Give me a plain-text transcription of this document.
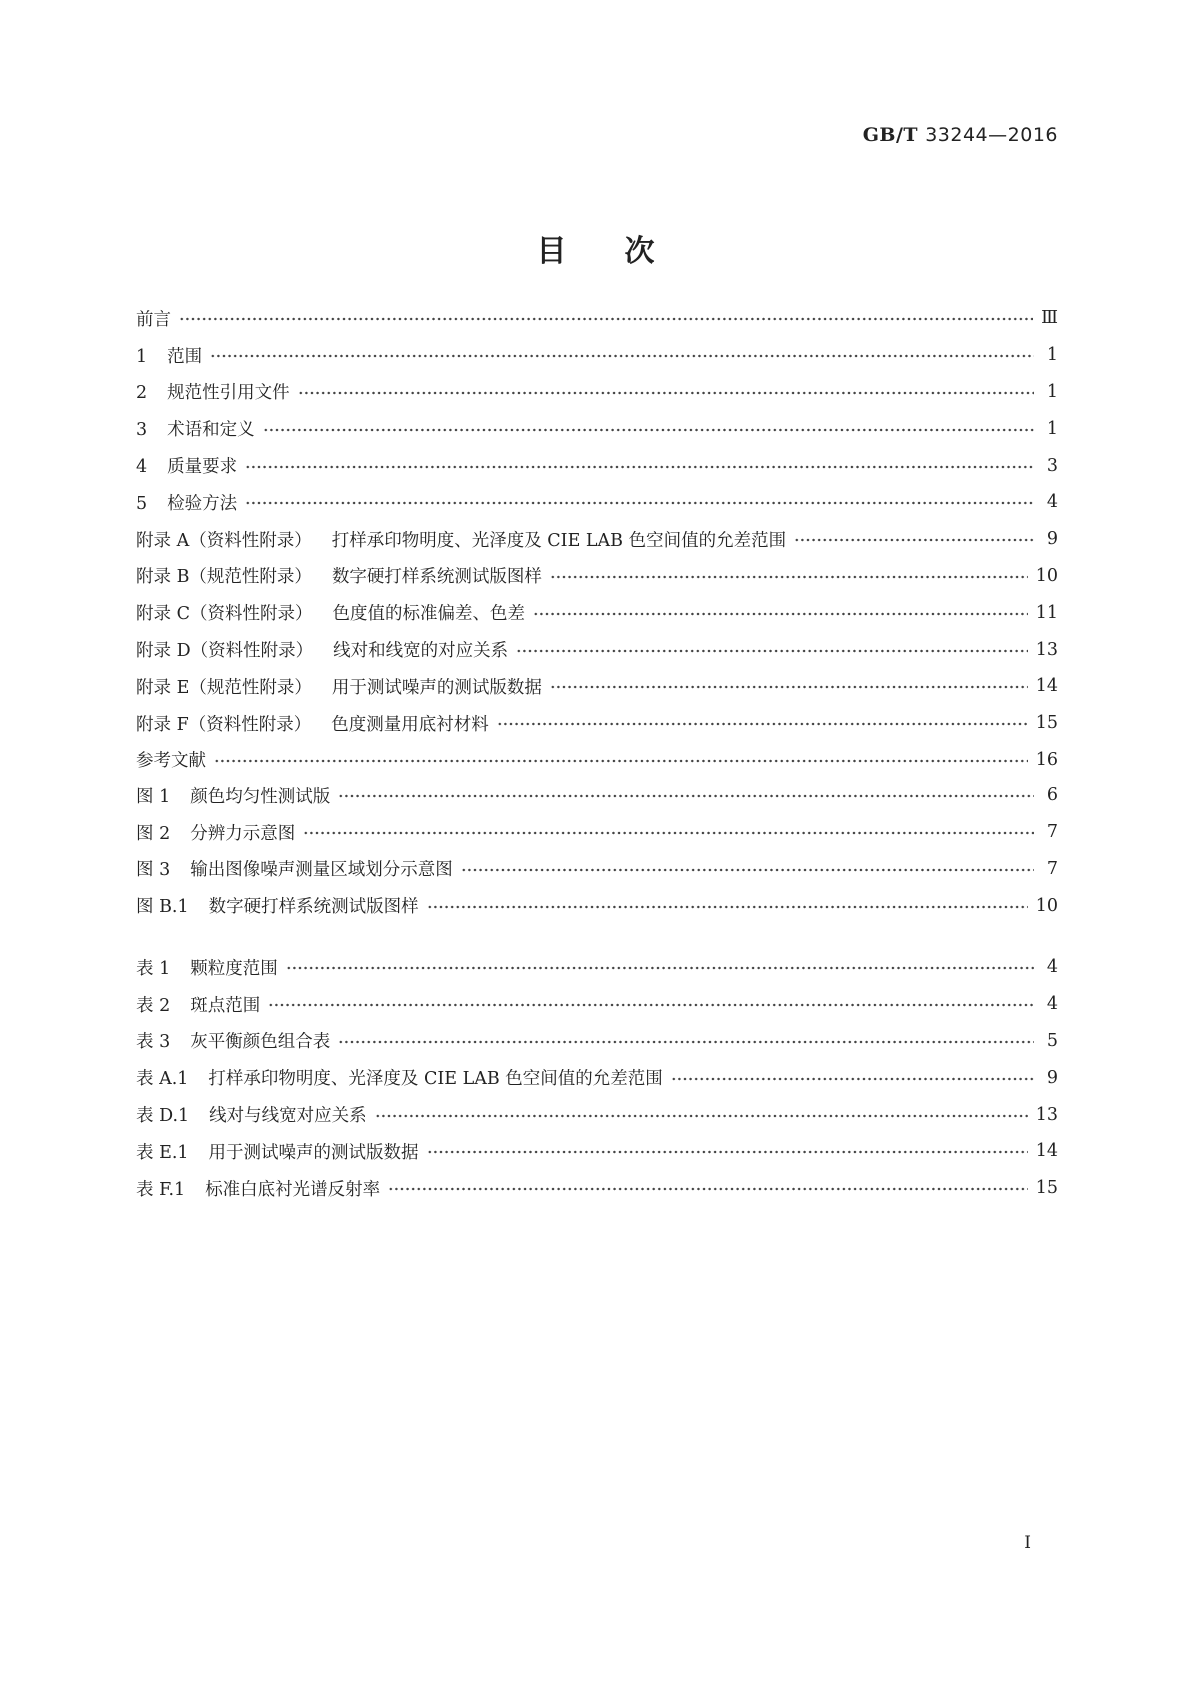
GB/T 33244—2016
目次
前言	Ⅲ
1 范围	1
2 规范性引用文件	1
3 术语和定义	1
4 质量要求	3
5 检验方法	4
附录 A（资料性附录） 打样承印物明度、光泽度及 CIE LAB 色空间值的允差范围	9
附录 B（规范性附录） 数字硬打样系统测试版图样	10
附录 C（资料性附录） 色度值的标准偏差、色差	11
附录 D（资料性附录） 线对和线宽的对应关系	13
附录 E（规范性附录） 用于测试噪声的测试版数据	14
附录 F（资料性附录） 色度测量用底衬材料	15
参考文献	16
图 1 颜色均匀性测试版	6
图 2 分辨力示意图	7
图 3 输出图像噪声测量区域划分示意图	7
图 B.1 数字硬打样系统测试版图样	10
表 1 颗粒度范围	4
表 2 斑点范围	4
表 3 灰平衡颜色组合表	5
表 A.1 打样承印物明度、光泽度及 CIE LAB 色空间值的允差范围	9
表 D.1 线对与线宽对应关系	13
表 E.1 用于测试噪声的测试版数据	14
表 F.1 标准白底衬光谱反射率	15
I
